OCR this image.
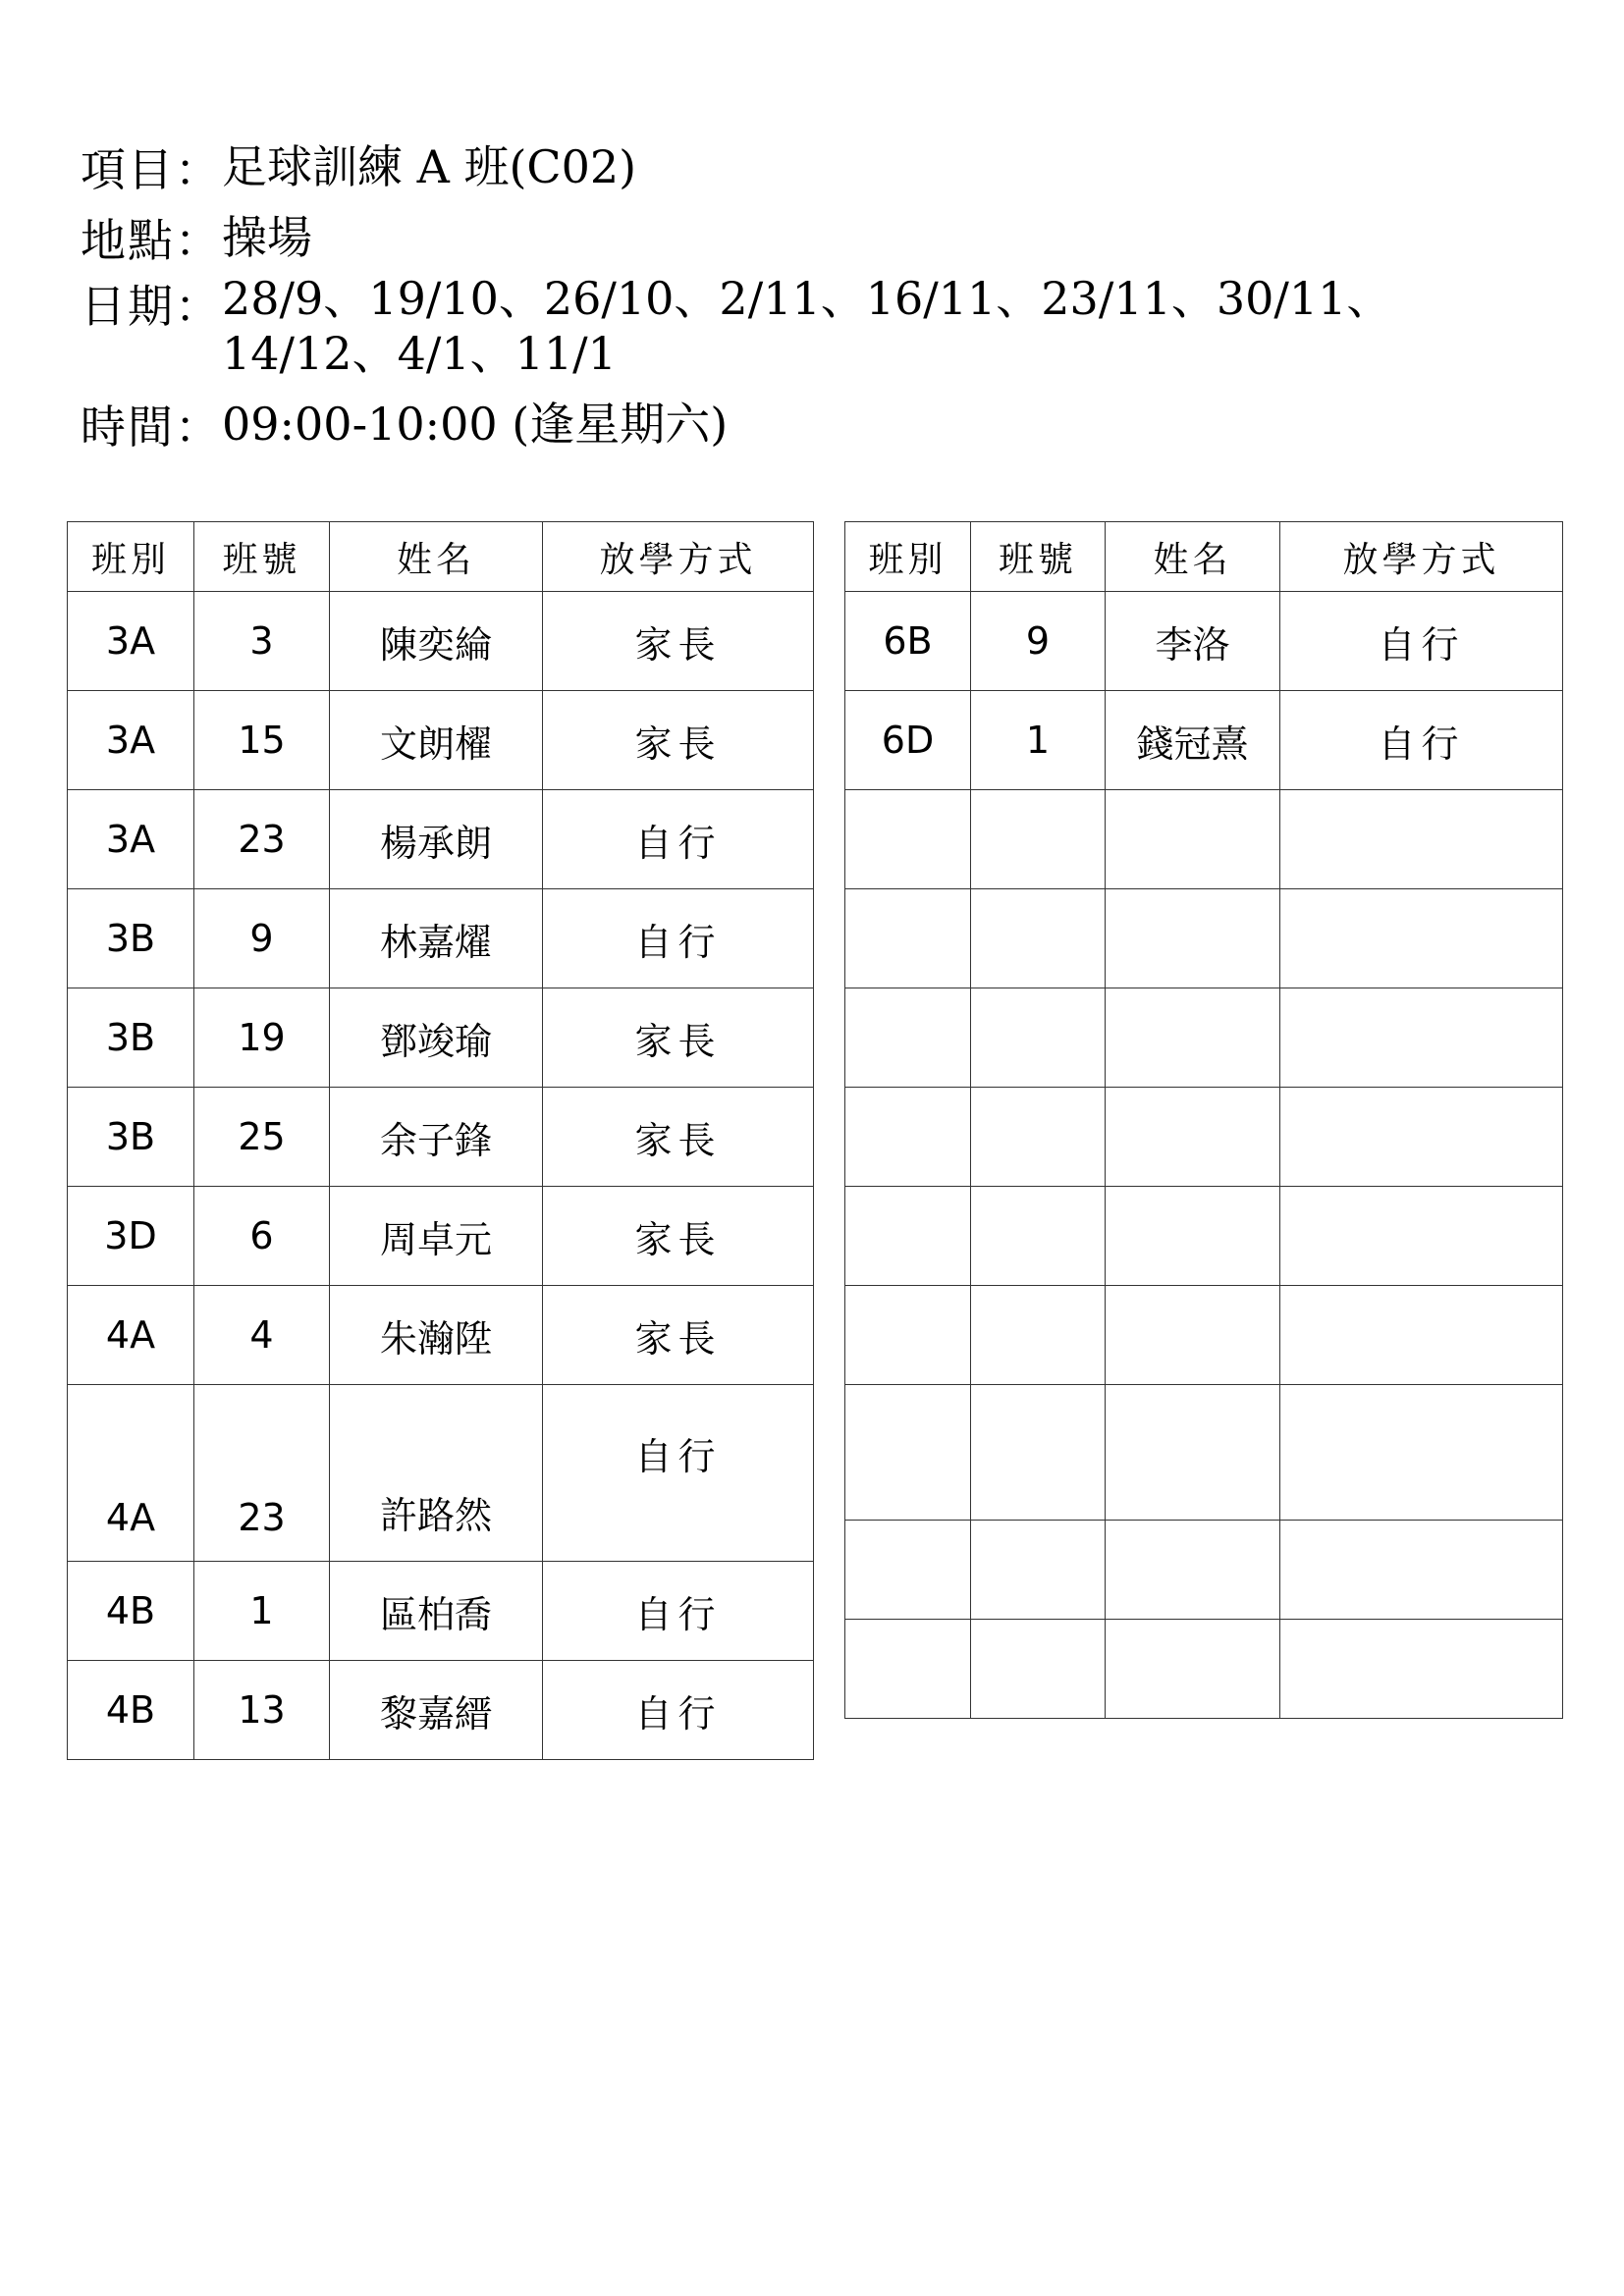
項目： 足球訓練 A 班(C02)
地點： 操場
日期： 28/9、19/10、26/10、2/11、16/11、23/11、30/11、
14/12、4/1、11/1
時間： 09:00-10:00 (逢星期六)
班別	班號	姓名	放學方式
3A	3	陳奕綸	家長
3A	15	文朗櫂	家長
3A	23	楊承朗	自行
3B	9	林嘉燿	自行
3B	19	鄧竣瑜	家長
3B	25	余子鋒	家長
3D	6	周卓元	家長
4A	4	朱瀚陞	家長
4A	23	許路然	自行
4B	1	區柏喬	自行
4B	13	黎嘉縉	自行
班別	班號	姓名	放學方式
6B	9	李洛	自行
6D	1	錢冠熹	自行
